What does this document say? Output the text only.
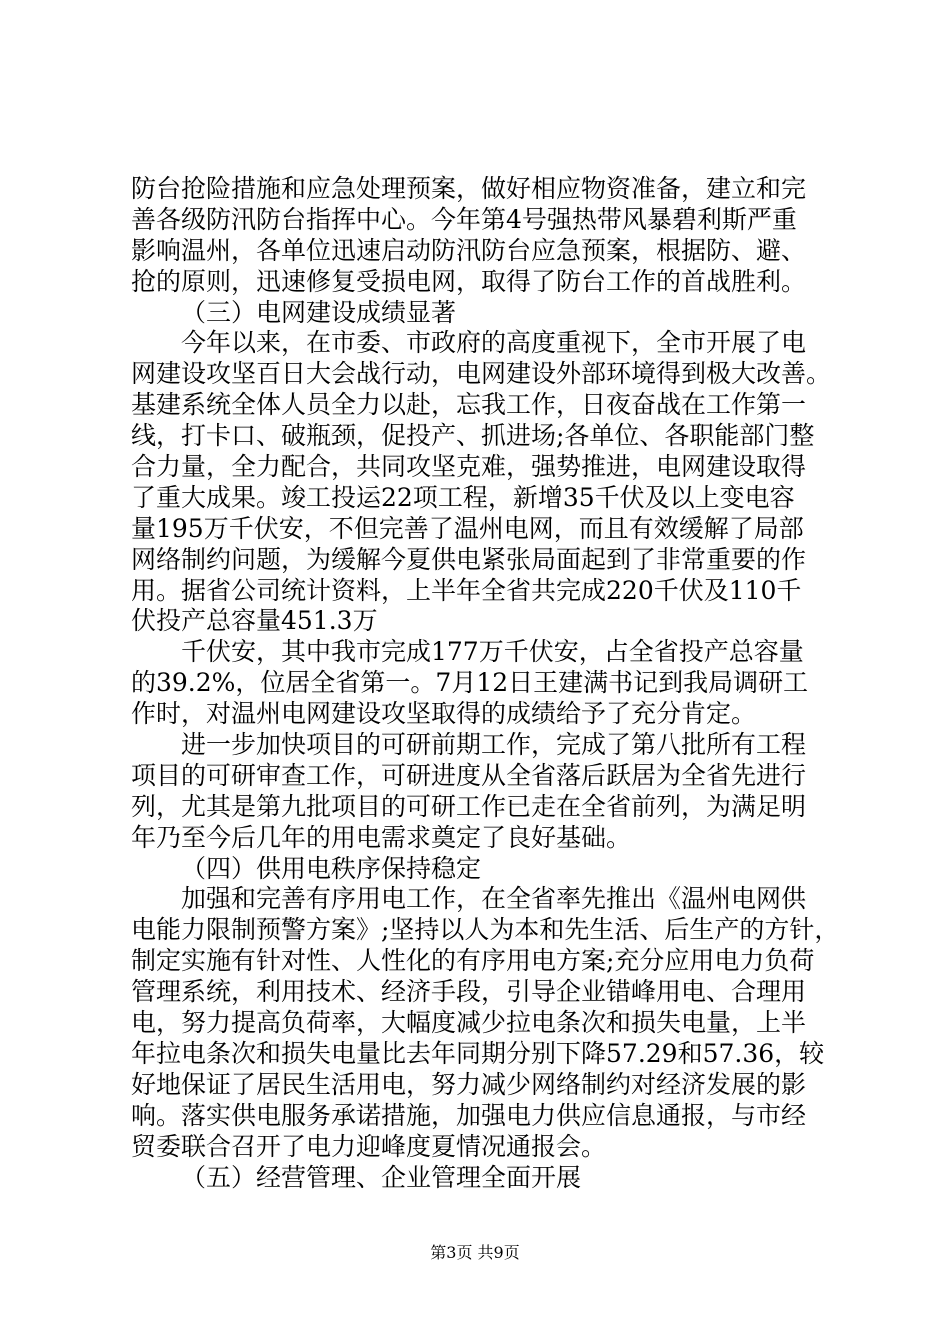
防台抢险措施和应急处理预案，做好相应物资准备，建立和完
善各级防汛防台指挥中心。今年第4号强热带风暴碧利斯严重
影响温州，各单位迅速启动防汛防台应急预案，根据防、避、
抢的原则，迅速修复受损电网，取得了防台工作的首战胜利。
（三）电网建设成绩显著
今年以来，在市委、市政府的高度重视下，全市开展了电
网建设攻坚百日大会战行动，电网建设外部环境得到极大改善。
基建系统全体人员全力以赴，忘我工作，日夜奋战在工作第一
线，打卡口、破瓶颈，促投产、抓进场;各单位、各职能部门整
合力量，全力配合，共同攻坚克难，强势推进，电网建设取得
了重大成果。竣工投运22项工程，新增35千伏及以上变电容
量195万千伏安，不但完善了温州电网，而且有效缓解了局部
网络制约问题，为缓解今夏供电紧张局面起到了非常重要的作
用。据省公司统计资料，上半年全省共完成220千伏及110千
伏投产总容量451.3万
千伏安，其中我市完成177万千伏安，占全省投产总容量
的39.2%，位居全省第一。7月12日王建满书记到我局调研工
作时，对温州电网建设攻坚取得的成绩给予了充分肯定。
进一步加快项目的可研前期工作，完成了第八批所有工程
项目的可研审查工作，可研进度从全省落后跃居为全省先进行
列，尤其是第九批项目的可研工作已走在全省前列，为满足明
年乃至今后几年的用电需求奠定了良好基础。
（四）供用电秩序保持稳定
加强和完善有序用电工作，在全省率先推出《温州电网供
电能力限制预警方案》;坚持以人为本和先生活、后生产的方针，
制定实施有针对性、人性化的有序用电方案;充分应用电力负荷
管理系统，利用技术、经济手段，引导企业错峰用电、合理用
电，努力提高负荷率，大幅度减少拉电条次和损失电量，上半
年拉电条次和损失电量比去年同期分别下降57.29和57.36，较
好地保证了居民生活用电，努力减少网络制约对经济发展的影
响。落实供电服务承诺措施，加强电力供应信息通报，与市经
贸委联合召开了电力迎峰度夏情况通报会。
（五）经营管理、企业管理全面开展
第3页 共9页
